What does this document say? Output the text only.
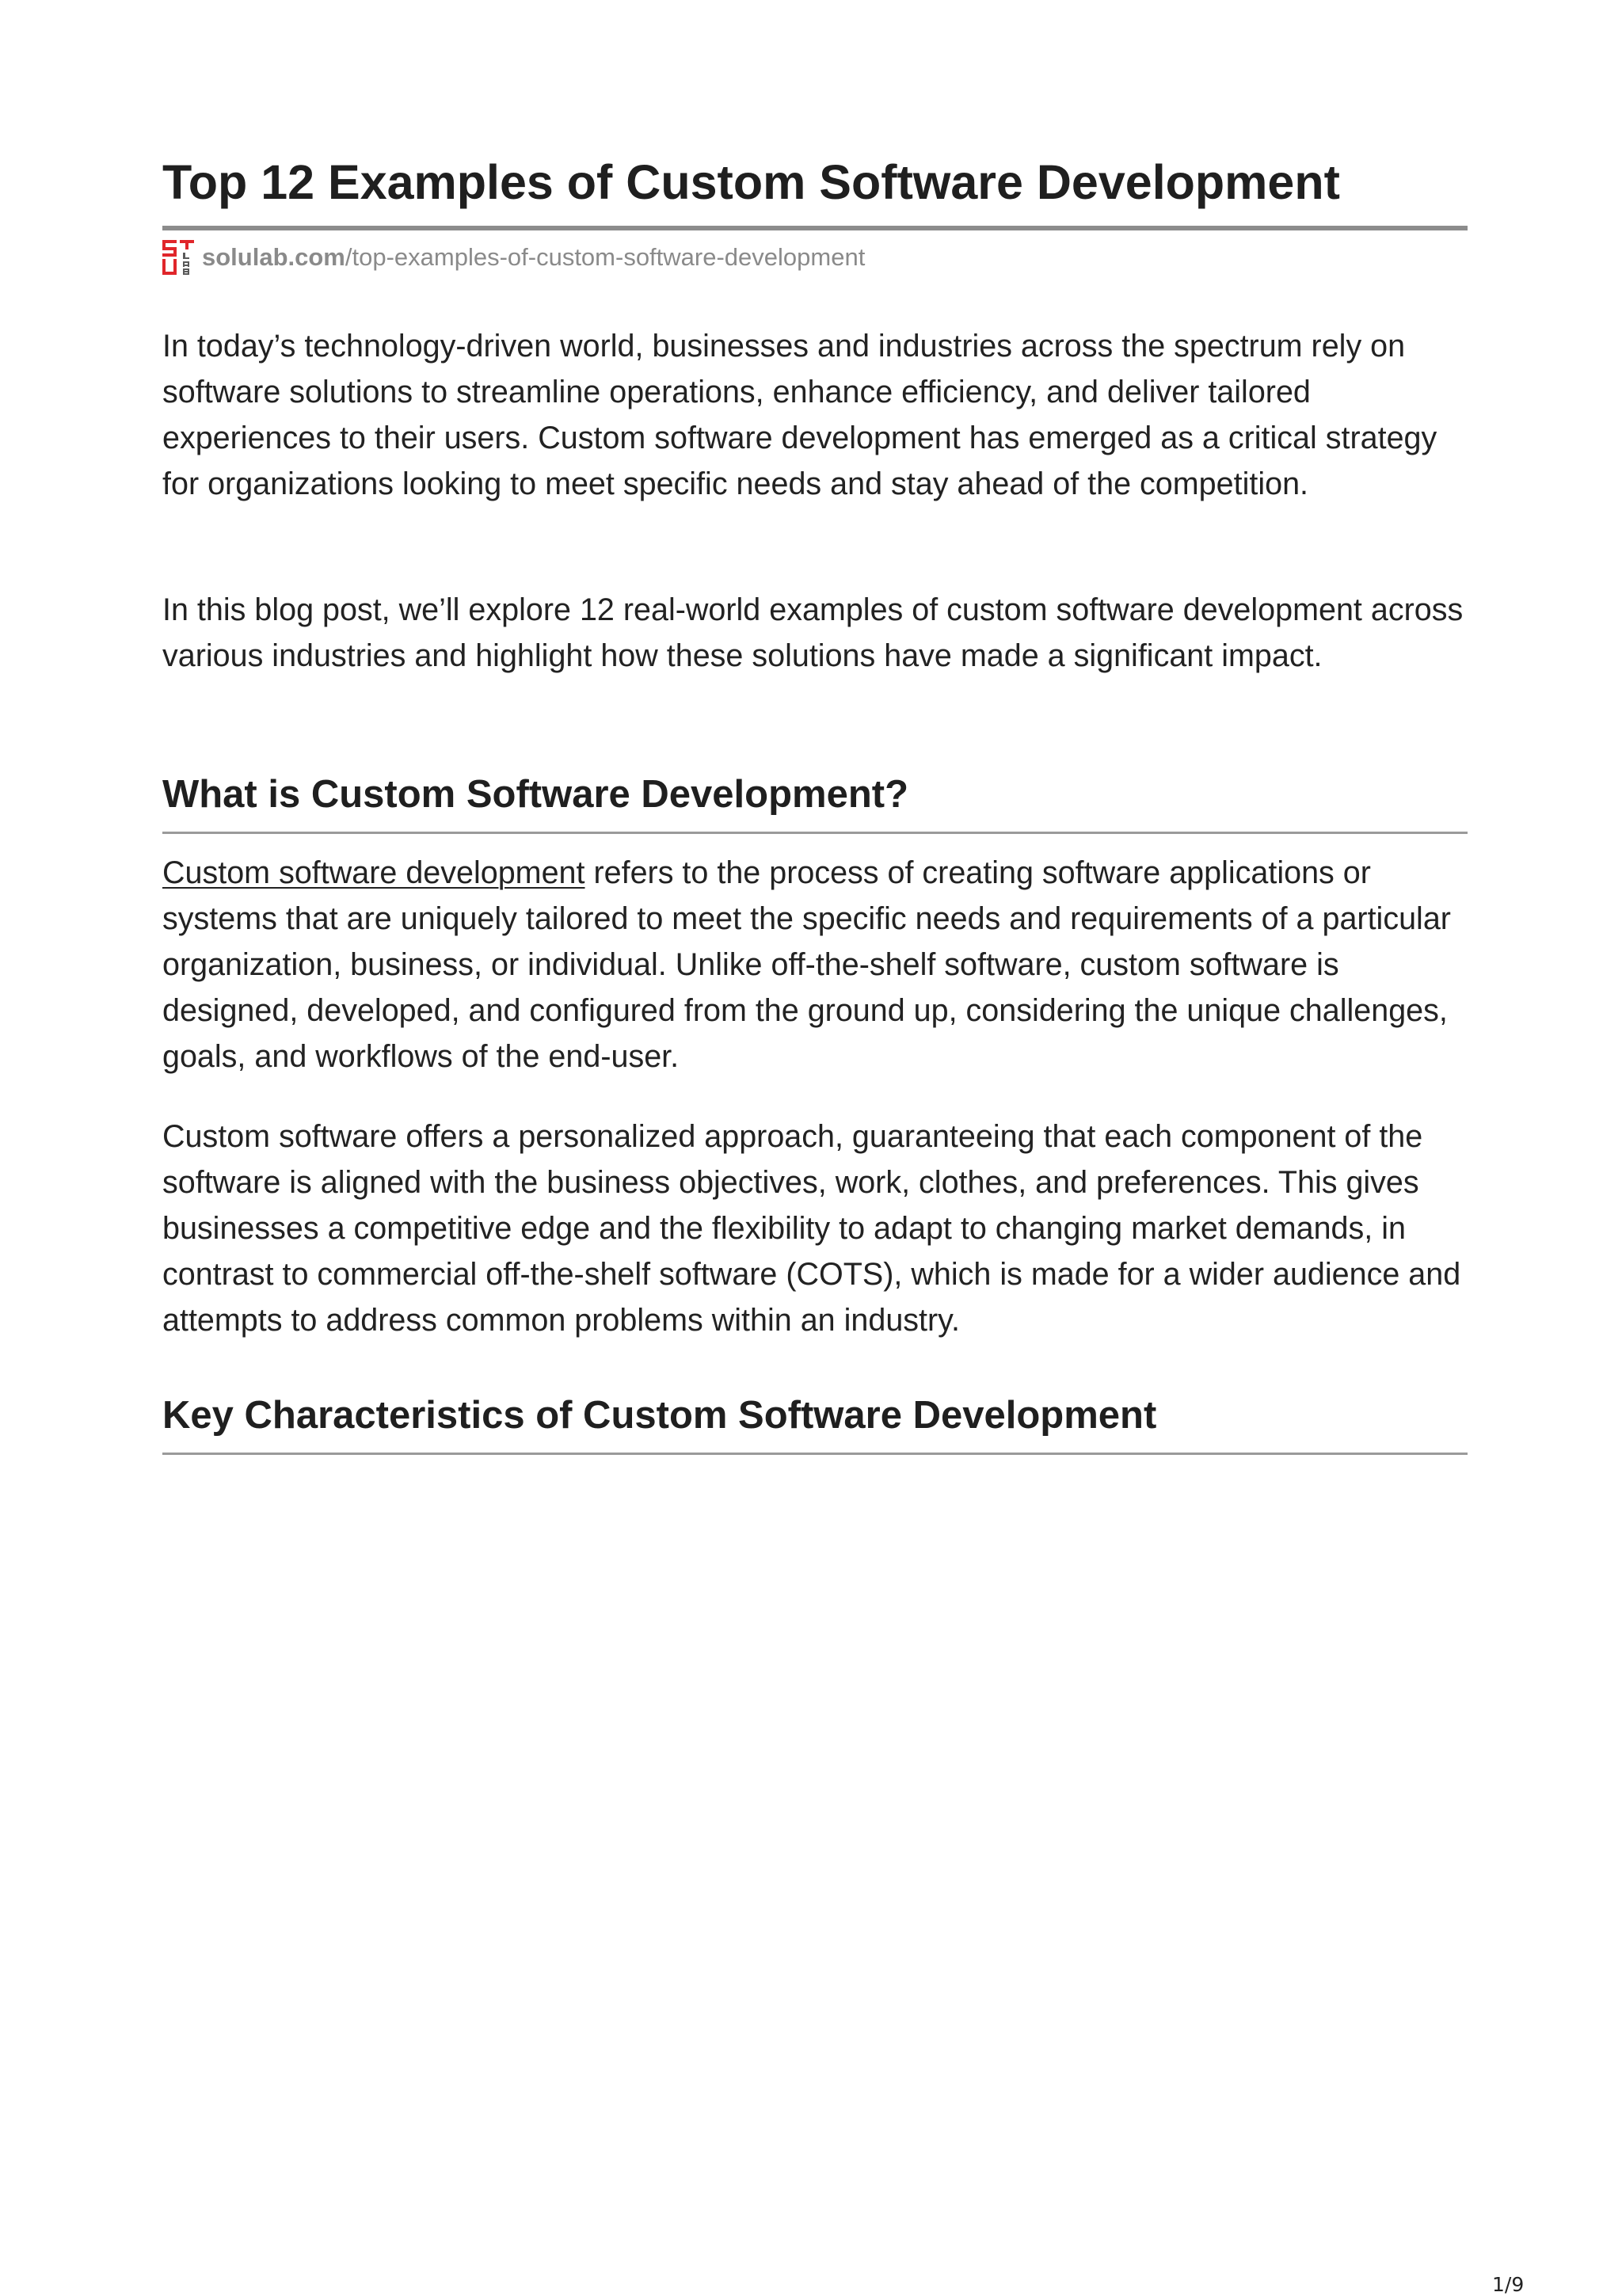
Top 12 Examples of Custom Software Development
solulab.com /top-examples-of-custom-software-development

In today’s technology-driven world, businesses and industries across the spectrum rely on software solutions to streamline operations, enhance efficiency, and deliver tailored experiences to their users. Custom software development has emerged as a critical strategy for organizations looking to meet specific needs and stay ahead of the competition.

In this blog post, we’ll explore 12 real-world examples of custom software development across various industries and highlight how these solutions have made a significant impact.

What is Custom Software Development?

Custom software development refers to the process of creating software applications or systems that are uniquely tailored to meet the specific needs and requirements of a particular organization, business, or individual. Unlike off-the-shelf software, custom software is designed, developed, and configured from the ground up, considering the unique challenges, goals, and workflows of the end-user.

Custom software offers a personalized approach, guaranteeing that each component of the software is aligned with the business objectives, work, clothes, and preferences. This gives businesses a competitive edge and the flexibility to adapt to changing market demands, in contrast to commercial off-the-shelf software (COTS), which is made for a wider audience and attempts to address common problems within an industry.

Key Characteristics of Custom Software Development
1/9
